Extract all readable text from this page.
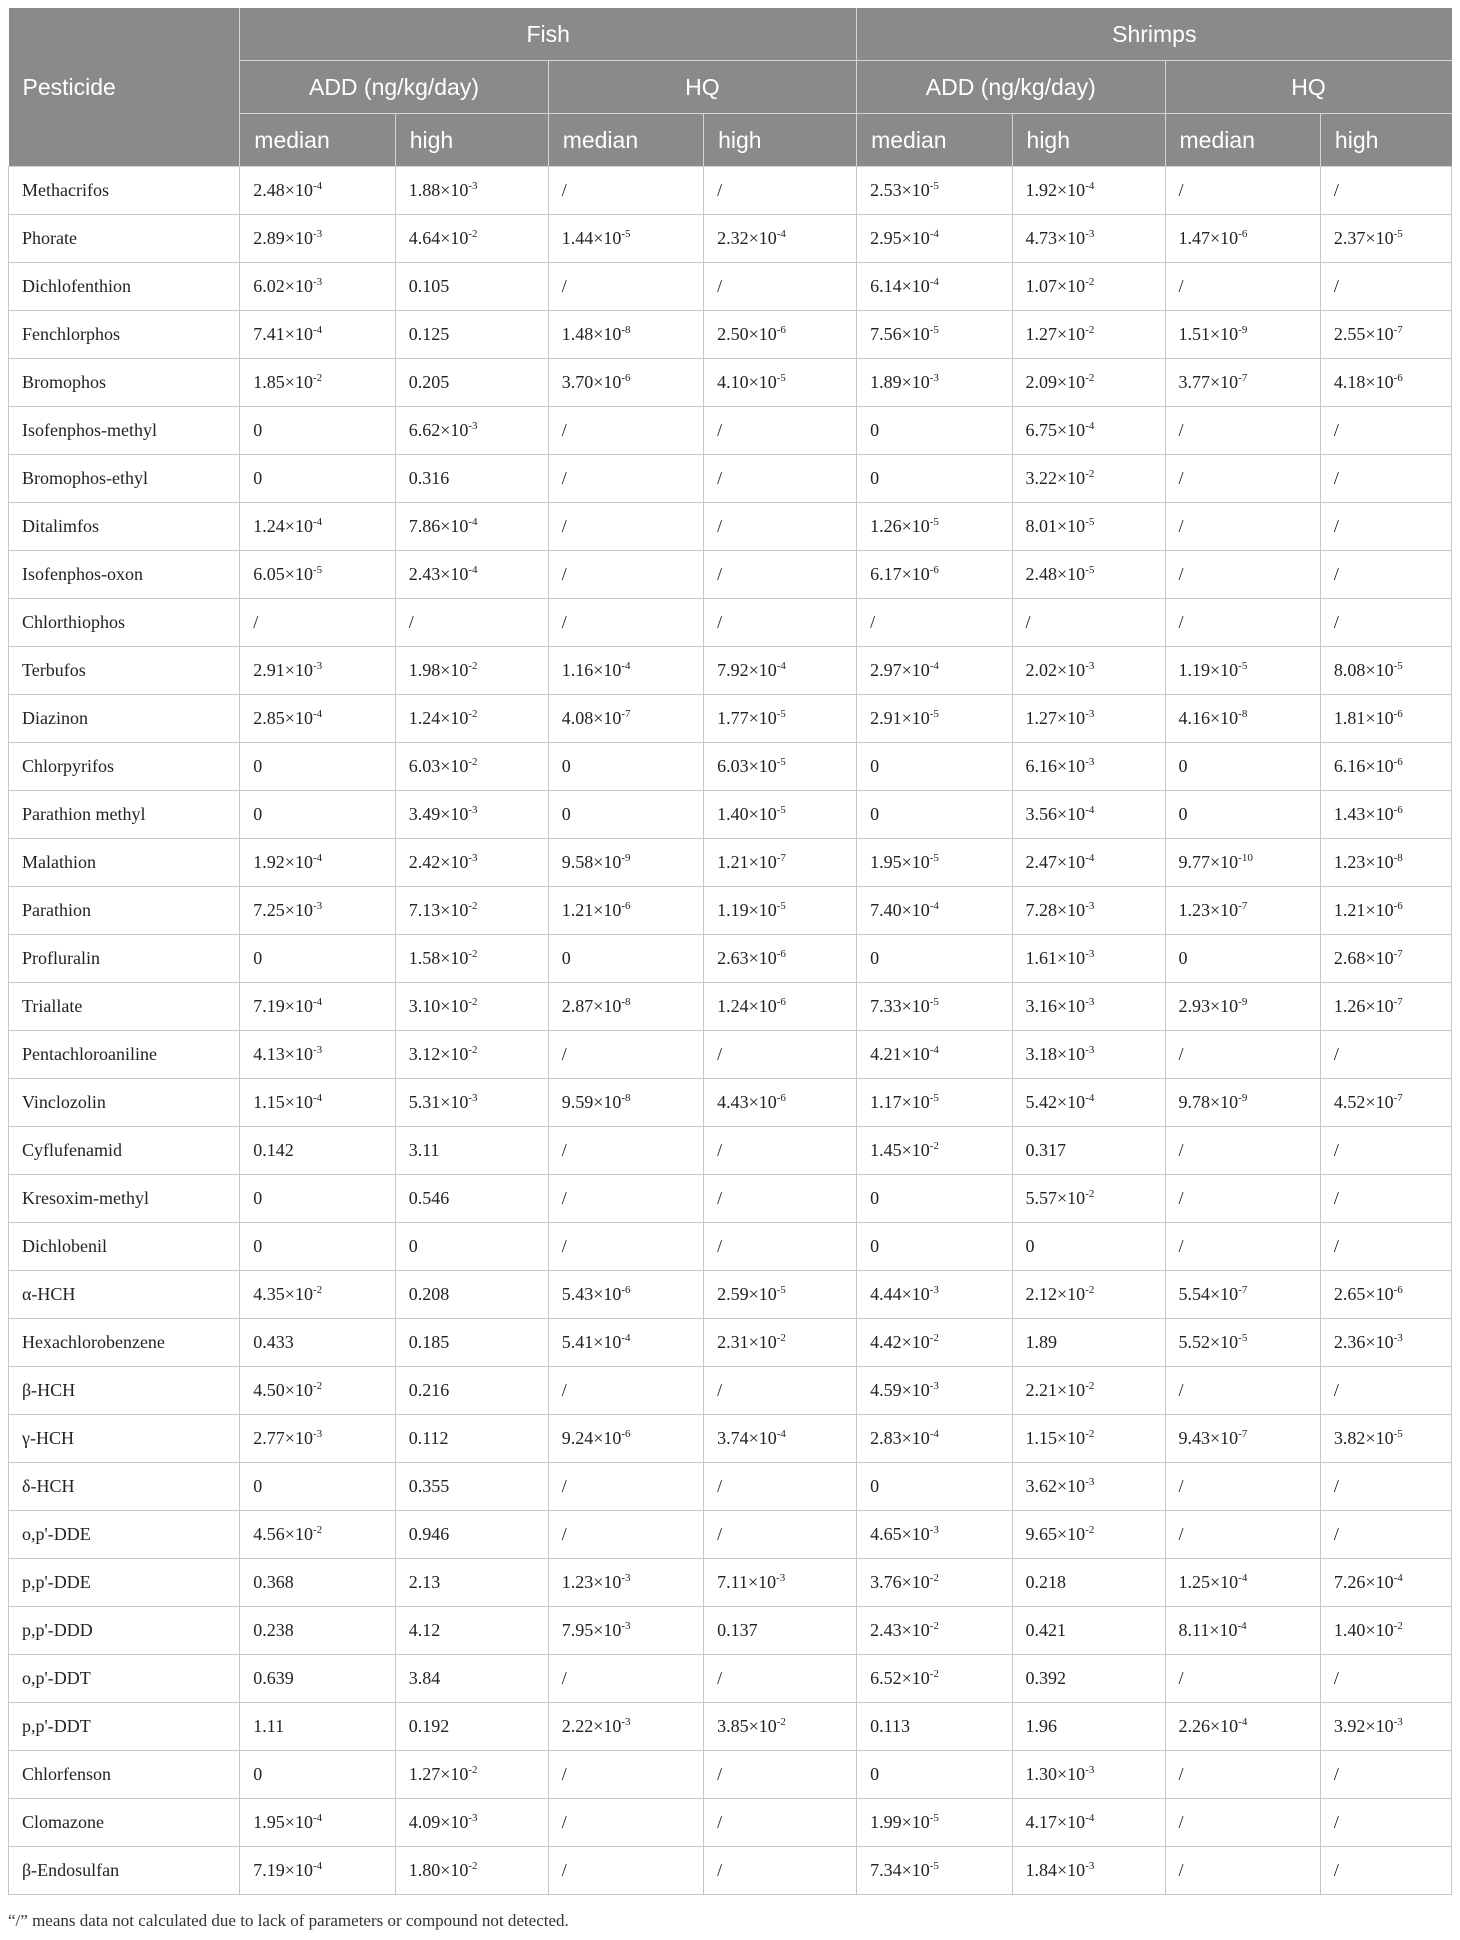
Pesticide	Fish				Shrimps			
	ADD (ng/kg/day)		HQ		ADD (ng/kg/day)		HQ	
	median	high	median	high	median	high	median	high
Methacrifos	$2.48\times 10^{-4}$	$1.88\times 10^{-3}$	/	/	$2.53\times 10^{-5}$	$1.92\times 10^{-4}$	/	/
Phorate	$2.89\times 10^{-3}$	$4.64\times 10^{-2}$	$1.44\times 10^{-5}$	$2.32\times 10^{-4}$	$2.95\times 10^{-4}$	$4.73\times 10^{-3}$	$1.47\times 10^{-6}$	$2.37\times 10^{-5}$
Dichlofenthion	$6.02\times 10^{-3}$	0.105	/	/	$6.14\times 10^{-4}$	$1.07\times 10^{-2}$	/	/
Fenchlorphos	$7.41\times 10^{-4}$	0.125	$1.48\times 10^{-8}$	$2.50\times 10^{-6}$	$7.56\times 10^{-5}$	$1.27\times 10^{-2}$	$1.51\times 10^{-9}$	$2.55\times 10^{-7}$
Bromophos	$1.85\times 10^{-2}$	0.205	$3.70\times 10^{-6}$	$4.10\times 10^{-5}$	$1.89\times 10^{-3}$	$2.09\times 10^{-2}$	$3.77\times 10^{-7}$	$4.18\times 10^{-6}$
Isofenphos-methyl	0	$6.62\times 10^{-3}$	/	/	0	$6.75\times 10^{-4}$	/	/
Bromophos-ethyl	0	0.316	/	/	0	$3.22\times 10^{-2}$	/	/
Ditalimfos	$1.24\times 10^{-4}$	$7.86\times 10^{-4}$	/	/	$1.26\times 10^{-5}$	$8.01\times 10^{-5}$	/	/
Isofenphos-oxon	$6.05\times 10^{-5}$	$2.43\times 10^{-4}$	/	/	$6.17\times 10^{-6}$	$2.48\times 10^{-5}$	/	/
Chlorthiophos	/	/	/	/	/	/	/	/
Terbufos	$2.91\times 10^{-3}$	$1.98\times 10^{-2}$	$1.16\times 10^{-4}$	$7.92\times 10^{-4}$	$2.97\times 10^{-4}$	$2.02\times 10^{-3}$	$1.19\times 10^{-5}$	$8.08\times 10^{-5}$
Diazinon	$2.85\times 10^{-4}$	$1.24\times 10^{-2}$	$4.08\times 10^{-7}$	$1.77\times 10^{-5}$	$2.91\times 10^{-5}$	$1.27\times 10^{-3}$	$4.16\times 10^{-8}$	$1.81\times 10^{-6}$
Chlorpyrifos	0	$6.03\times 10^{-2}$	0	$6.03\times 10^{-5}$	0	$6.16\times 10^{-3}$	0	$6.16\times 10^{-6}$
Parathion methyl	0	$3.49\times 10^{-3}$	0	$1.40\times 10^{-5}$	0	$3.56\times 10^{-4}$	0	$1.43\times 10^{-6}$
Malathion	$1.92\times 10^{-4}$	$2.42\times 10^{-3}$	$9.58\times 10^{-9}$	$1.21\times 10^{-7}$	$1.95\times 10^{-5}$	$2.47\times 10^{-4}$	$9.77\times 10^{-10}$	$1.23\times 10^{-8}$
Parathion	$7.25\times 10^{-3}$	$7.13\times 10^{-2}$	$1.21\times 10^{-6}$	$1.19\times 10^{-5}$	$7.40\times 10^{-4}$	$7.28\times 10^{-3}$	$1.23\times 10^{-7}$	$1.21\times 10^{-6}$
Profluralin	0	$1.58\times 10^{-2}$	0	$2.63\times 10^{-6}$	0	$1.61\times 10^{-3}$	0	$2.68\times 10^{-7}$
Triallate	$7.19\times 10^{-4}$	$3.10\times 10^{-2}$	$2.87\times 10^{-8}$	$1.24\times 10^{-6}$	$7.33\times 10^{-5}$	$3.16\times 10^{-3}$	$2.93\times 10^{-9}$	$1.26\times 10^{-7}$
Pentachloroaniline	$4.13\times 10^{-3}$	$3.12\times 10^{-2}$	/	/	$4.21\times 10^{-4}$	$3.18\times 10^{-3}$	/	/
Vinclozolin	$1.15\times 10^{-4}$	$5.31\times 10^{-3}$	$9.59\times 10^{-8}$	$4.43\times 10^{-6}$	$1.17\times 10^{-5}$	$5.42\times 10^{-4}$	$9.78\times 10^{-9}$	$4.52\times 10^{-7}$
Cyflufenamid	0.142	3.11	/	/	$1.45\times 10^{-2}$	0.317	/	/
Kresoxim-methyl	0	0.546	/	/	0	$5.57\times 10^{-2}$	/	/
Dichlobenil	0	0	/	/	0	0	/	/
α-HCH	$4.35\times 10^{-2}$	0.208	$5.43\times 10^{-6}$	$2.59\times 10^{-5}$	$4.44\times 10^{-3}$	$2.12\times 10^{-2}$	$5.54\times 10^{-7}$	$2.65\times 10^{-6}$
Hexachlorobenzene	0.433	0.185	$5.41\times 10^{-4}$	$2.31\times 10^{-2}$	$4.42\times 10^{-2}$	1.89	$5.52\times 10^{-5}$	$2.36\times 10^{-3}$
β-HCH	$4.50\times 10^{-2}$	0.216	/	/	$4.59\times 10^{-3}$	$2.21\times 10^{-2}$	/	/
γ-HCH	$2.77\times 10^{-3}$	0.112	$9.24\times 10^{-6}$	$3.74\times 10^{-4}$	$2.83\times 10^{-4}$	$1.15\times 10^{-2}$	$9.43\times 10^{-7}$	$3.82\times 10^{-5}$
δ-HCH	0	0.355	/	/	0	$3.62\times 10^{-3}$	/	/
o,p'-DDE	$4.56\times 10^{-2}$	0.946	/	/	$4.65\times 10^{-3}$	$9.65\times 10^{-2}$	/	/
p,p'-DDE	0.368	2.13	$1.23\times 10^{-3}$	$7.11\times 10^{-3}$	$3.76\times 10^{-2}$	0.218	$1.25\times 10^{-4}$	$7.26\times 10^{-4}$
p,p'-DDD	0.238	4.12	$7.95\times 10^{-3}$	0.137	$2.43\times 10^{-2}$	0.421	$8.11\times 10^{-4}$	$1.40\times 10^{-2}$
o,p'-DDT	0.639	3.84	/	/	$6.52\times 10^{-2}$	0.392	/	/
p,p'-DDT	1.11	0.192	$2.22\times 10^{-3}$	$3.85\times 10^{-2}$	0.113	1.96	$2.26\times 10^{-4}$	$3.92\times 10^{-3}$
Chlorfenson	0	$1.27\times 10^{-2}$	/	/	0	$1.30\times 10^{-3}$	/	/
Clomazone	$1.95\times 10^{-4}$	$4.09\times 10^{-3}$	/	/	$1.99\times 10^{-5}$	$4.17\times 10^{-4}$	/	/
β-Endosulfan	$7.19\times 10^{-4}$	$1.80\times 10^{-2}$	/	/	$7.34\times 10^{-5}$	$1.84\times 10^{-3}$	/	/
“/” means data not calculated due to lack of parameters or compound not detected.
